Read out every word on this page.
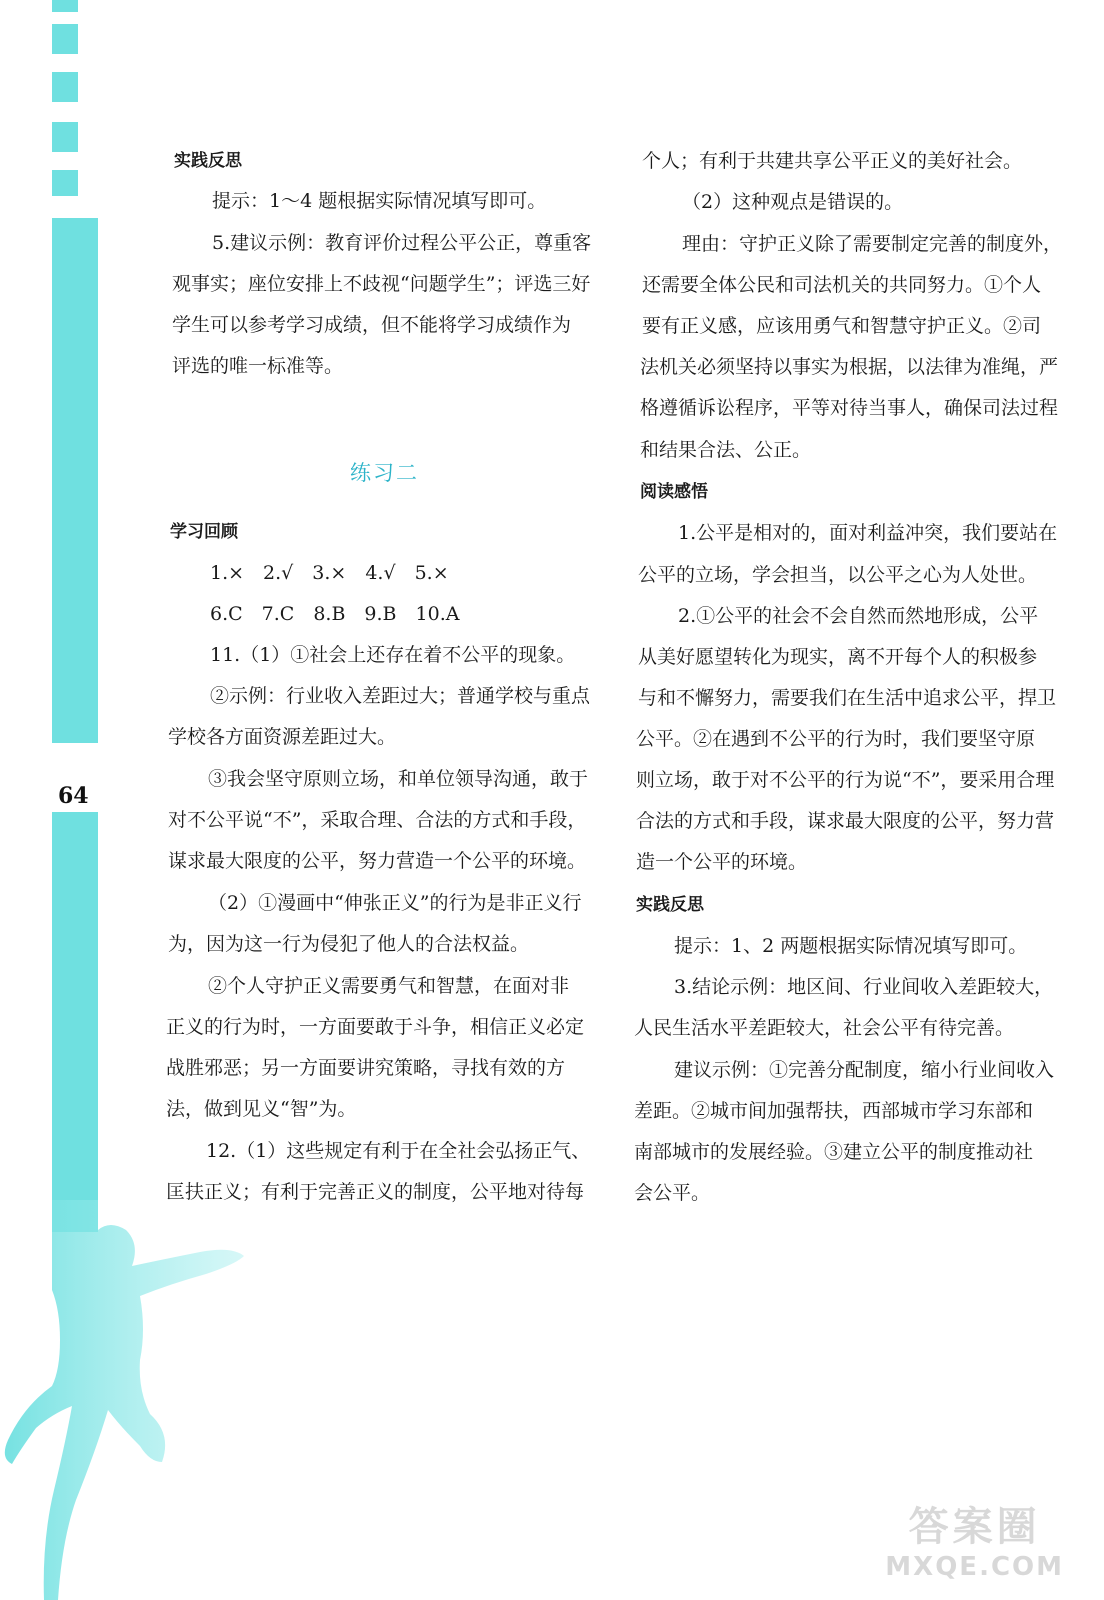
64
练习二

实践反思

提示：1～4 题根据实际情况填写即可。

5.建议示例：教育评价过程公平公正，尊重客

观事实；座位安排上不歧视“问题学生”；评选三好

学生可以参考学习成绩，但不能将学习成绩作为

评选的唯一标准等。

学习回顾

1.×　2.√　3.×　4.√　5.×

6.C　7.C　8.B　9.B　10.A

11.（1）①社会上还存在着不公平的现象。

②示例：行业收入差距过大；普通学校与重点

学校各方面资源差距过大。

③我会坚守原则立场，和单位领导沟通，敢于

对不公平说“不”，采取合理、合法的方式和手段，

谋求最大限度的公平，努力营造一个公平的环境。

（2）①漫画中“伸张正义”的行为是非正义行

为，因为这一行为侵犯了他人的合法权益。

②个人守护正义需要勇气和智慧，在面对非

正义的行为时，一方面要敢于斗争，相信正义必定

战胜邪恶；另一方面要讲究策略，寻找有效的方

法，做到见义“智”为。

12.（1）这些规定有利于在全社会弘扬正气、

匡扶正义；有利于完善正义的制度，公平地对待每

个人；有利于共建共享公平正义的美好社会。

（2）这种观点是错误的。

理由：守护正义除了需要制定完善的制度外，

还需要全体公民和司法机关的共同努力。①个人

要有正义感，应该用勇气和智慧守护正义。②司

法机关必须坚持以事实为根据，以法律为准绳，严

格遵循诉讼程序，平等对待当事人，确保司法过程

和结果合法、公正。

阅读感悟

1.公平是相对的，面对利益冲突，我们要站在

公平的立场，学会担当，以公平之心为人处世。

2.①公平的社会不会自然而然地形成，公平

从美好愿望转化为现实，离不开每个人的积极参

与和不懈努力，需要我们在生活中追求公平，捍卫

公平。②在遇到不公平的行为时，我们要坚守原

则立场，敢于对不公平的行为说“不”，要采用合理

合法的方式和手段，谋求最大限度的公平，努力营

造一个公平的环境。

实践反思

提示：1、2 两题根据实际情况填写即可。

3.结论示例：地区间、行业间收入差距较大，

人民生活水平差距较大，社会公平有待完善。

建议示例：①完善分配制度，缩小行业间收入

差距。②城市间加强帮扶，西部城市学习东部和

南部城市的发展经验。③建立公平的制度推动社

会公平。

答案圈
MXQE.COM
